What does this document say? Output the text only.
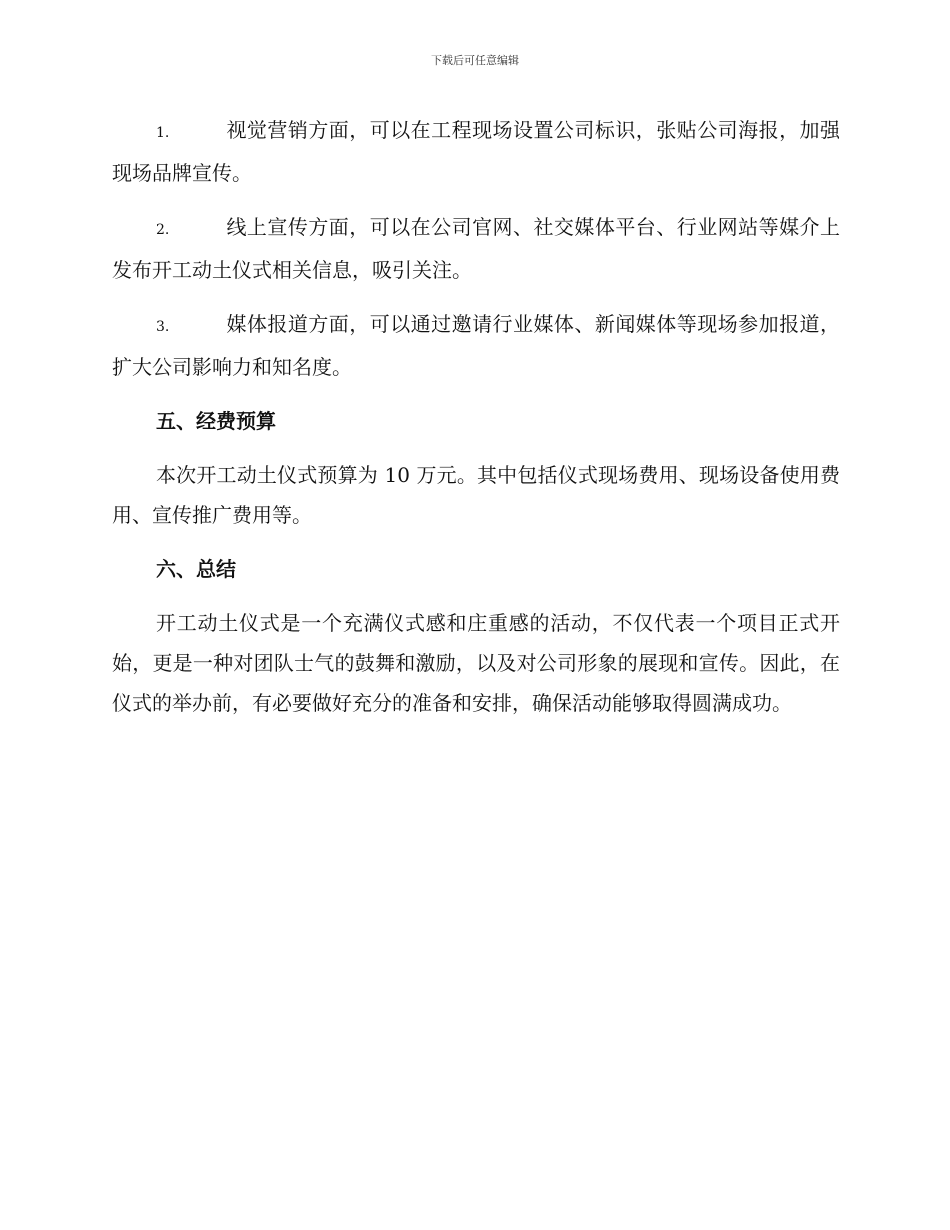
下载后可任意编辑

1.	视觉营销方面，可以在工程现场设置公司标识，张贴公司海报，加强现场品牌宣传。

2.	线上宣传方面，可以在公司官网、社交媒体平台、行业网站等媒介上发布开工动土仪式相关信息，吸引关注。

3.	媒体报道方面，可以通过邀请行业媒体、新闻媒体等现场参加报道，扩大公司影响力和知名度。

五、经费预算

本次开工动土仪式预算为 10 万元。其中包括仪式现场费用、现场设备使用费用、宣传推广费用等。

六、总结

开工动土仪式是一个充满仪式感和庄重感的活动，不仅代表一个项目正式开始，更是一种对团队士气的鼓舞和激励，以及对公司形象的展现和宣传。因此，在仪式的举办前，有必要做好充分的准备和安排，确保活动能够取得圆满成功。
